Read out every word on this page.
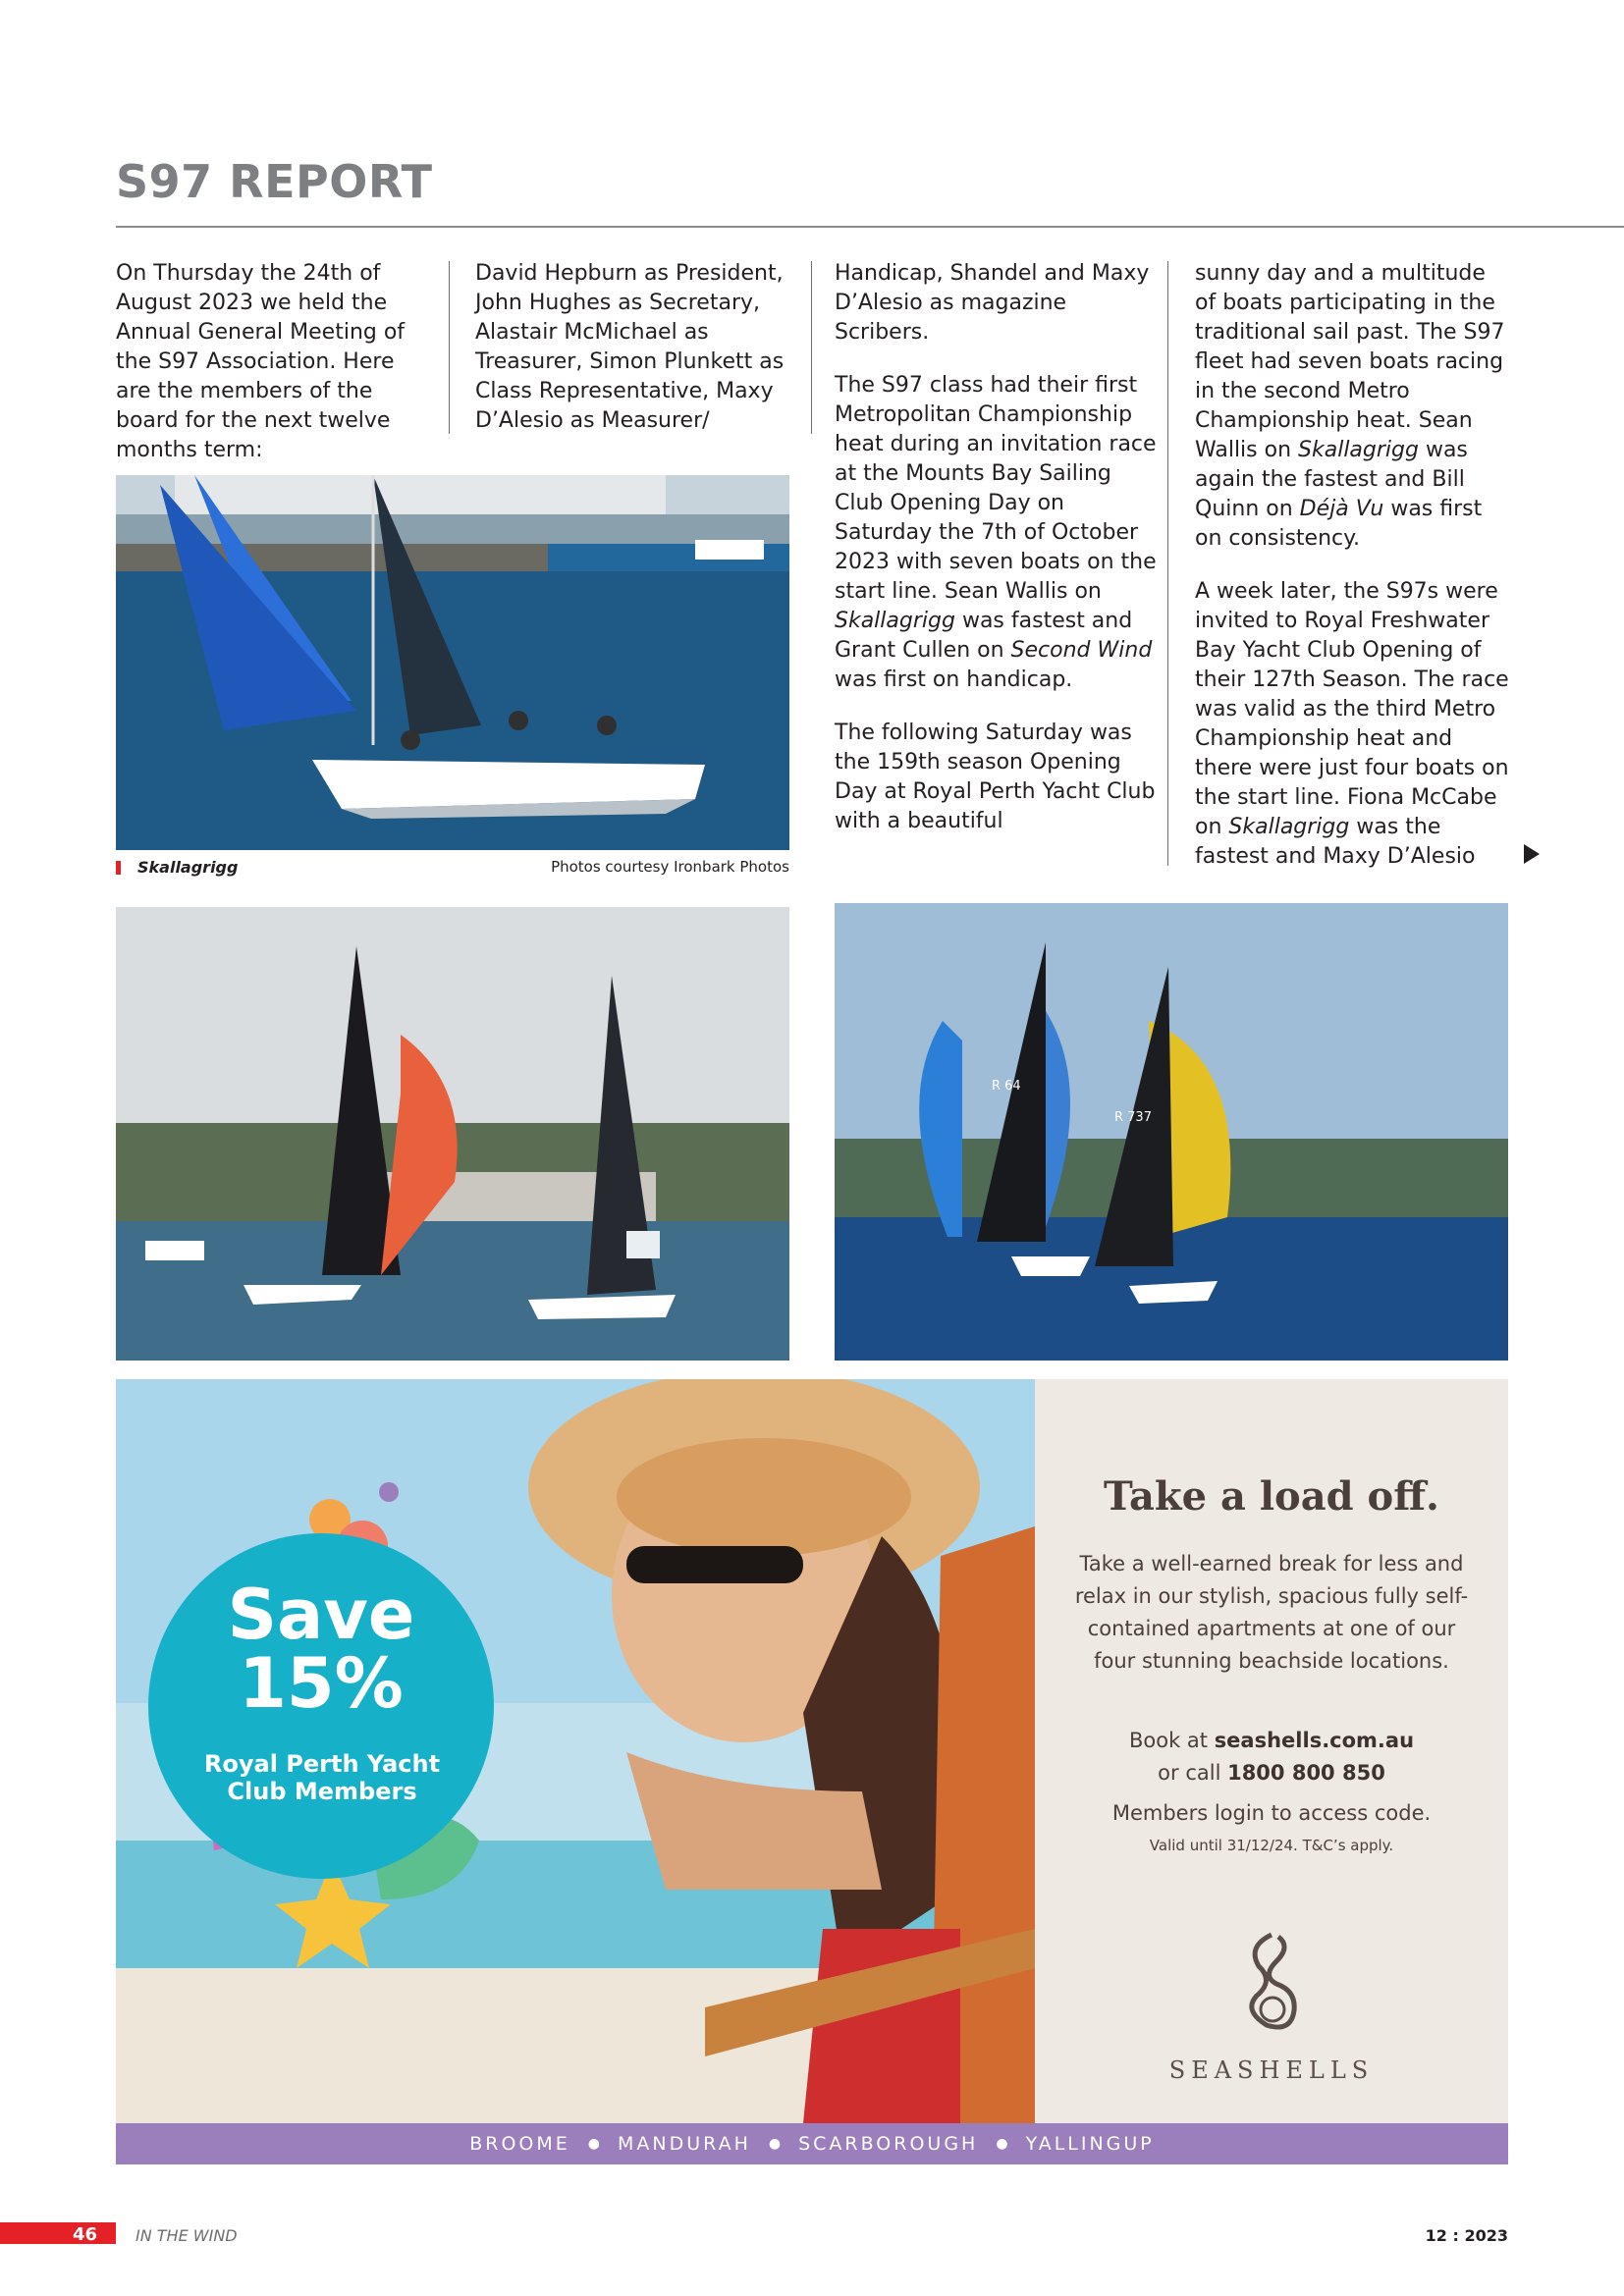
S97 REPORT

On Thursday the 24th of August 2023 we held the Annual General Meeting of the S97 Association. Here are the members of the board for the next twelve months term:

David Hepburn as President, John Hughes as Secretary, Alastair McMichael as Treasurer, Simon Plunkett as Class Representative, Maxy D’Alesio as Measurer/

Handicap, Shandel and Maxy D’Alesio as magazine Scribers.

The S97 class had their first Metropolitan Championship heat during an invitation race at the Mounts Bay Sailing Club Opening Day on Saturday the 7th of October 2023 with seven boats on the start line. Sean Wallis on Skallagrigg was fastest and Grant Cullen on Second Wind was first on handicap.

The following Saturday was the 159th season Opening Day at Royal Perth Yacht Club with a beautiful

sunny day and a multitude of boats participating in the traditional sail past. The S97 fleet had seven boats racing in the second Metro Championship heat. Sean Wallis on Skallagrigg was again the fastest and Bill Quinn on Déjà Vu was first on consistency.

A week later, the S97s were invited to Royal Freshwater Bay Yacht Club Opening of their 127th Season. The race was valid as the third Metro Championship heat and there were just four boats on the start line. Fiona McCabe on Skallagrigg was the fastest and Maxy D’Alesio

Skallagrigg	Photos courtesy Ironbark Photos
R 64
R 737
Save
15%
Royal Perth Yacht Club Members
Take a load off.
Take a well-earned break for less and relax in our stylish, spacious fully self-contained apartments at one of our four stunning beachside locations.
Book at seashells.com.au
or call 1800 800 850
Members login to access code.
Valid until 31/12/24. T&C’s apply.
SEASHELLS
BROOME ● MANDURAH ● SCARBOROUGH ● YALLINGUP
46 IN THE WIND	12 : 2023
